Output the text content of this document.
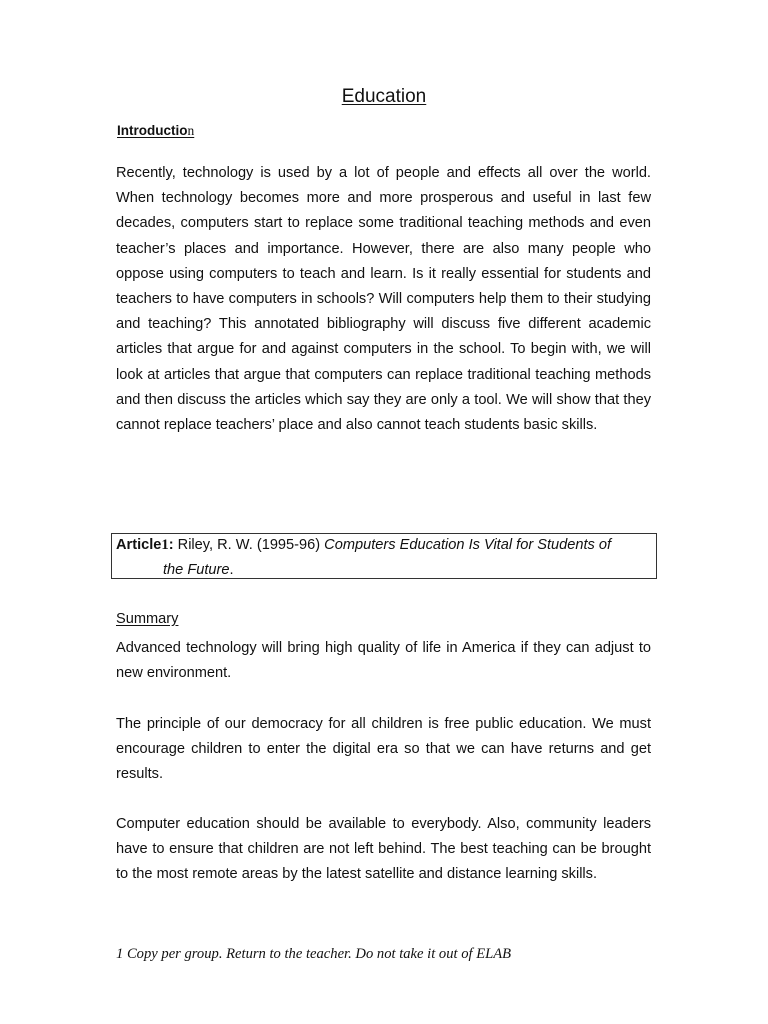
Education
Introduction

Recently, technology is used by a lot of people and effects all over the world. When technology becomes more and more prosperous and useful in last few decades, computers start to replace some traditional teaching methods and even teacher’s places and importance. However, there are also many people who oppose using computers to teach and learn. Is it really essential for students and teachers to have computers in schools? Will computers help them to their studying and teaching? This annotated bibliography will discuss five different academic articles that argue for and against computers in the school. To begin with, we will look at articles that argue that computers can replace traditional teaching methods and then discuss the articles which say they are only a tool. We will show that they cannot replace teachers’ place and also cannot teach students basic skills.

Article1: Riley, R. W. (1995-96) Computers Education Is Vital for Students of
the Future.
Summary

Advanced technology will bring high quality of life in America if they can adjust to new environment.

The principle of our democracy for all children is free public education. We must encourage children to enter the digital era so that we can have returns and get results.

Computer education should be available to everybody. Also, community leaders have to ensure that children are not left behind. The best teaching can be brought to the most remote areas by the latest satellite and distance learning skills.

1 Copy per group. Return to the teacher. Do not take it out of ELAB
